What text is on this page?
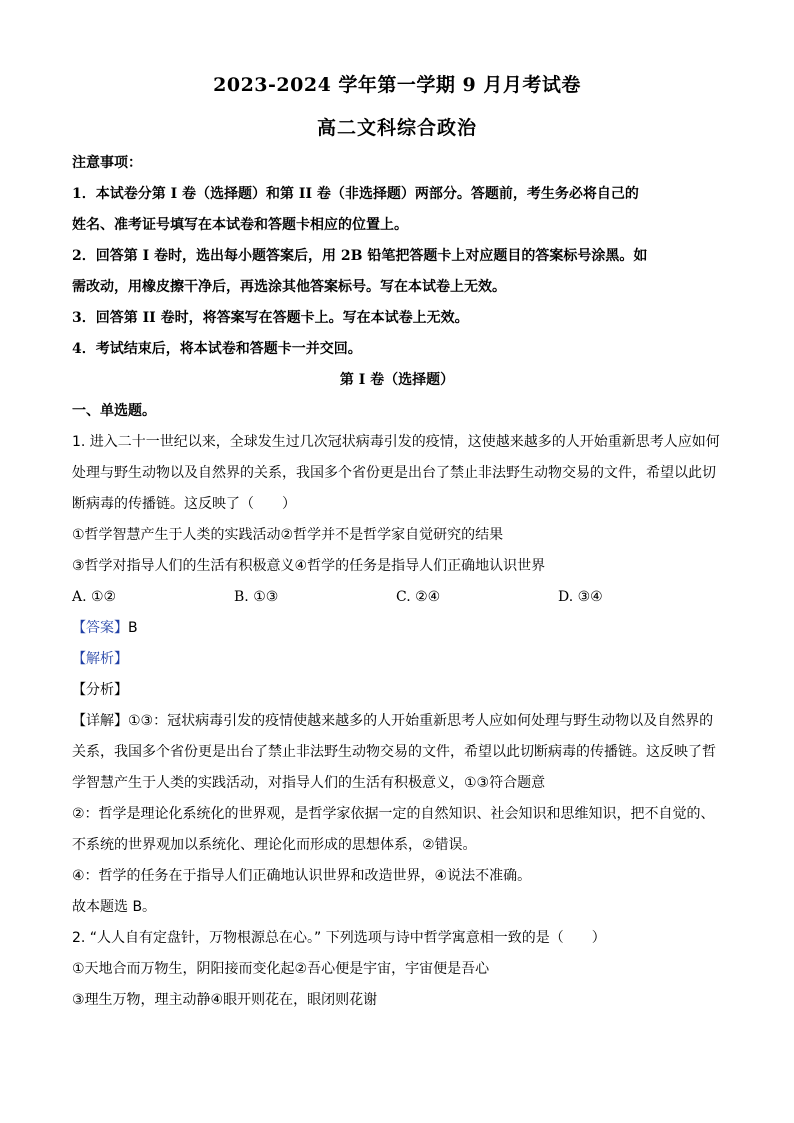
2023-2024 学年第一学期 9 月月考试卷
高二文科综合政治
注意事项：
1．本试卷分第 I 卷（选择题）和第 II 卷（非选择题）两部分。答题前，考生务必将自己的
姓名、准考证号填写在本试卷和答题卡相应的位置上。
2．回答第 I 卷时，选出每小题答案后，用 2B 铅笔把答题卡上对应题目的答案标号涂黑。如
需改动，用橡皮擦干净后，再选涂其他答案标号。写在本试卷上无效。
3．回答第 II 卷时，将答案写在答题卡上。写在本试卷上无效。
4．考试结束后，将本试卷和答题卡一并交回。
第 I 卷（选择题）
一、单选题。
1. 进入二十一世纪以来，全球发生过几次冠状病毒引发的疫情，这使越来越多的人开始重新思考人应如何
处理与野生动物以及自然界的关系，我国多个省份更是出台了禁止非法野生动物交易的文件，希望以此切
断病毒的传播链。这反映了（　　）
①哲学智慧产生于人类的实践活动②哲学并不是哲学家自觉研究的结果
③哲学对指导人们的生活有积极意义④哲学的任务是指导人们正确地认识世界
A. ①②	B. ①③	C. ②④	D. ③④
【答案】B
【解析】
【分析】
【详解】①③：冠状病毒引发的疫情使越来越多的人开始重新思考人应如何处理与野生动物以及自然界的
关系，我国多个省份更是出台了禁止非法野生动物交易的文件，希望以此切断病毒的传播链。这反映了哲
学智慧产生于人类的实践活动，对指导人们的生活有积极意义，①③符合题意
②：哲学是理论化系统化的世界观，是哲学家依据一定的自然知识、社会知识和思维知识，把不自觉的、
不系统的世界观加以系统化、理论化而形成的思想体系，②错误。
④：哲学的任务在于指导人们正确地认识世界和改造世界，④说法不准确。
故本题选 B。
2. “人人自有定盘针，万物根源总在心。” 下列选项与诗中哲学寓意相一致的是（　　）
①天地合而万物生，阴阳接而变化起②吾心便是宇宙，宇宙便是吾心
③理生万物，理主动静④眼开则花在，眼闭则花谢
